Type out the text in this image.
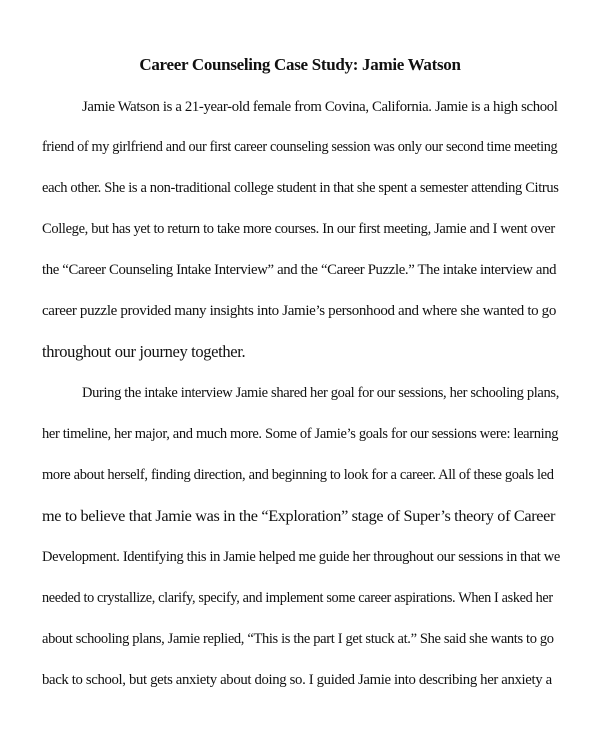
Career Counseling Case Study: Jamie Watson
Jamie Watson is a 21-year-old female from Covina, California. Jamie is a high school
friend of my girlfriend and our first career counseling session was only our second time meeting
each other. She is a non-traditional college student in that she spent a semester attending Citrus
College, but has yet to return to take more courses. In our first meeting, Jamie and I went over
the “Career Counseling Intake Interview” and the “Career Puzzle.” The intake interview and
career puzzle provided many insights into Jamie’s personhood and where she wanted to go
throughout our journey together.
During the intake interview Jamie shared her goal for our sessions, her schooling plans,
her timeline, her major, and much more. Some of Jamie’s goals for our sessions were: learning
more about herself, finding direction, and beginning to look for a career. All of these goals led
me to believe that Jamie was in the “Exploration” stage of Super’s theory of Career
Development. Identifying this in Jamie helped me guide her throughout our sessions in that we
needed to crystallize, clarify, specify, and implement some career aspirations. When I asked her
about schooling plans, Jamie replied, “This is the part I get stuck at.” She said she wants to go
back to school, but gets anxiety about doing so. I guided Jamie into describing her anxiety a
